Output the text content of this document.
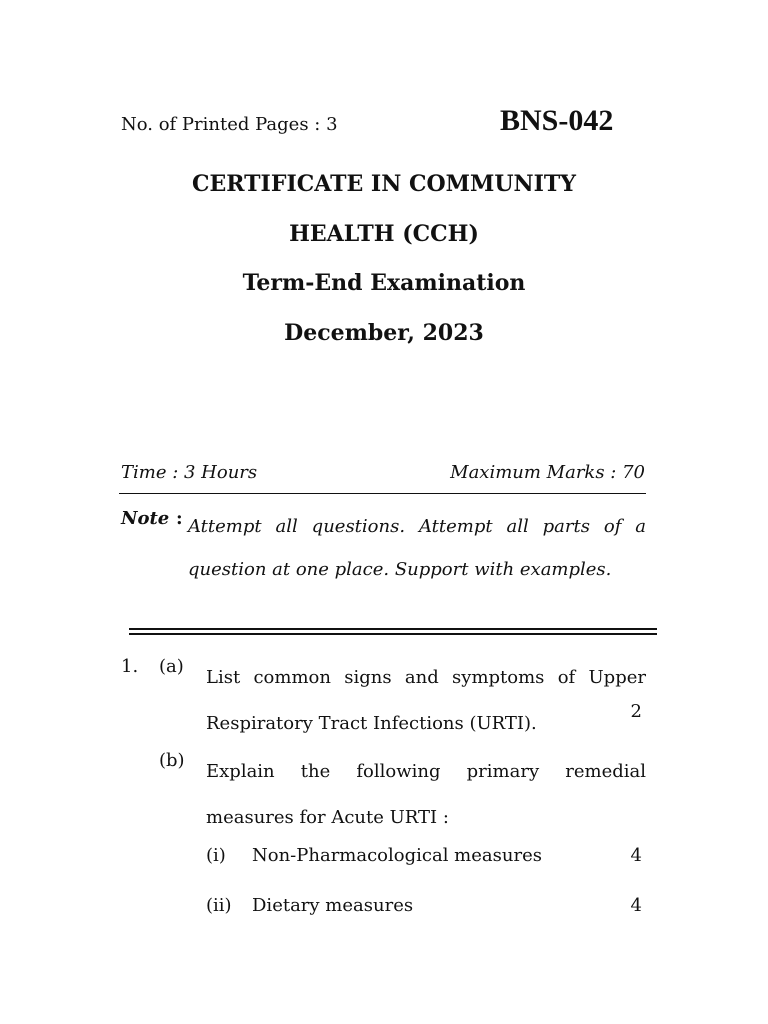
No. of Printed Pages : 3	BNS-042
CERTIFICATE IN COMMUNITY
HEALTH (CCH)
Term-End Examination
December, 2023
Time : 3 Hours	Maximum Marks : 70
Note : Attempt all questions. Attempt all parts of a question at one place. Support with examples.
1. (a)
List common signs and symptoms of Upper Respiratory Tract Infections (URTI).
2
(b)
Explain the following primary remedial measures for Acute URTI :
(i) Non-Pharmacological measures	4
(ii) Dietary measures	4
